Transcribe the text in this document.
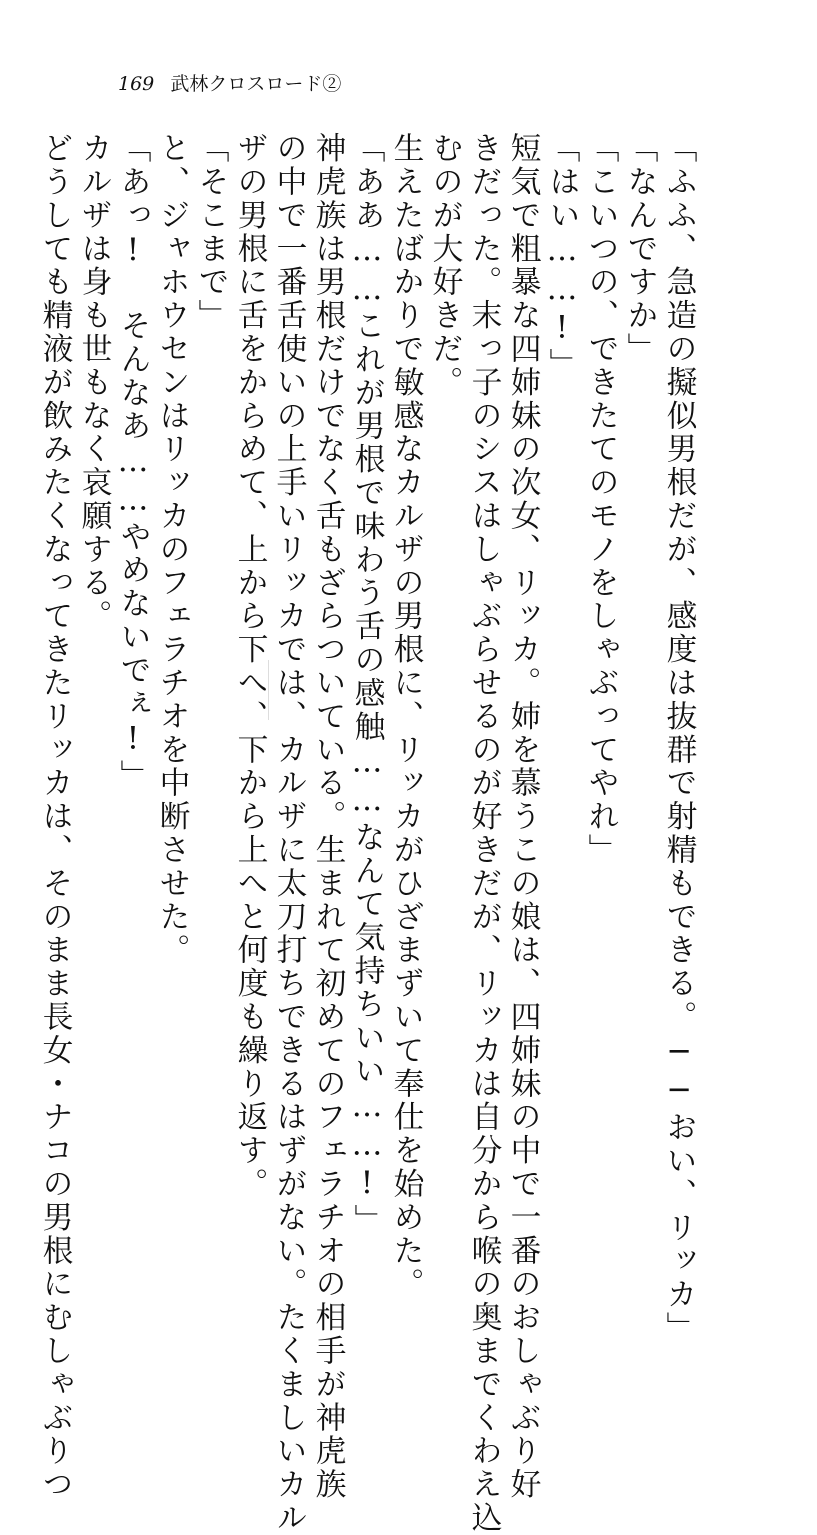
169 武林クロスロード②
「ふふ、急造の擬似男根だが、感度は抜群で射精もできる。──おい、リッカ」
「なんですか」
「こいつの、できたてのモノをしゃぶってやれ」
「はい……!」
短気で粗暴な四姉妹の次女、リッカ。姉を慕うこの娘は、四姉妹の中で一番のおしゃぶり好
きだった。末っ子のシスはしゃぶらせるのが好きだが、リッカは自分から喉の奥までくわえ込
むのが大好きだ。
生えたばかりで敏感なカルザの男根に、リッカがひざまずいて奉仕を始めた。
「ああ……これが男根で味わう舌の感触……なんて気持ちいい……!」
神虎族は男根だけでなく舌もざらついている。生まれて初めてのフェラチオの相手が神虎族
の中で一番舌使いの上手いリッカでは、カルザに太刀打ちできるはずがない。たくましいカル
ザの男根に舌をからめて、上から下へ、下から上へと何度も繰り返す。
「そこまで」
と、ジャホウセンはリッカのフェラチオを中断させた。
「あっ! そんなあ……やめないでぇ!」
カルザは身も世もなく哀願する。
どうしても精液が飲みたくなってきたリッカは、そのまま長女・ナコの男根にむしゃぶりつ
